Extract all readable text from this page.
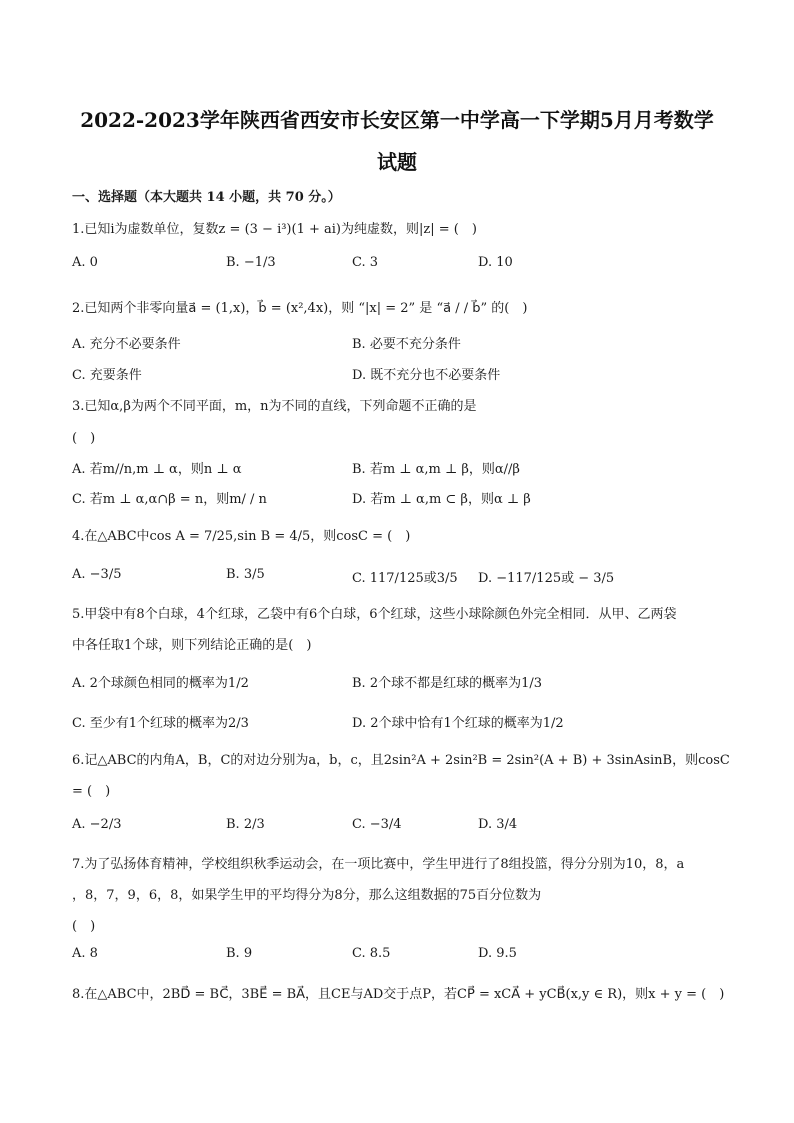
2022-2023学年陕西省西安市长安区第一中学高一下学期5月月考数学
试题
一、选择题（本大题共 14 小题，共 70 分。）
1.已知i为虚数单位，复数z = (3 − i³)(1 + ai)为纯虚数，则|z| = (　)
A. 0	B. −1/3	C. 3	D. 10
2.已知两个非零向量a⃗ = (1,x)，b⃗ = (x²,4x)，则 “|x| = 2” 是 “a⃗ / / b⃗” 的(　)
A. 充分不必要条件	B. 必要不充分条件
C. 充要条件	D. 既不充分也不必要条件
3.已知α,β为两个不同平面，m，n为不同的直线，下列命题不正确的是
(　)
A. 若m//n,m ⊥ α，则n ⊥ α	B. 若m ⊥ α,m ⊥ β，则α//β
C. 若m ⊥ α,α∩β = n，则m/ / n	D. 若m ⊥ α,m ⊂ β，则α ⊥ β
4.在△ABC中cos A = 7/25,sin B = 4/5，则cosC = (　)
A. −3/5	B. 3/5	C. 117/125或3/5 D. −117/125或 − 3/5
5.甲袋中有8个白球，4个红球，乙袋中有6个白球，6个红球，这些小球除颜色外完全相同．从甲、乙两袋
中各任取1个球，则下列结论正确的是(　)
A. 2个球颜色相同的概率为1/2	B. 2个球不都是红球的概率为1/3
C. 至少有1个红球的概率为2/3	D. 2个球中恰有1个红球的概率为1/2
6.记△ABC的内角A，B，C的对边分别为a，b，c，且2sin²A + 2sin²B = 2sin²(A + B) + 3sinAsinB，则cosC
= (　)
A. −2/3	B. 2/3	C. −3/4	D. 3/4
7.为了弘扬体育精神，学校组织秋季运动会，在一项比赛中，学生甲进行了8组投篮，得分分别为10，8，a
，8，7，9，6，8，如果学生甲的平均得分为8分，那么这组数据的75百分位数为
(　)
A. 8	B. 9	C. 8.5	D. 9.5
8.在△ABC中，2BD⃗ = BC⃗，3BE⃗ = BA⃗，且CE与AD交于点P，若CP⃗ = xCA⃗ + yCB⃗(x,y ∈ R)，则x + y = (　)
